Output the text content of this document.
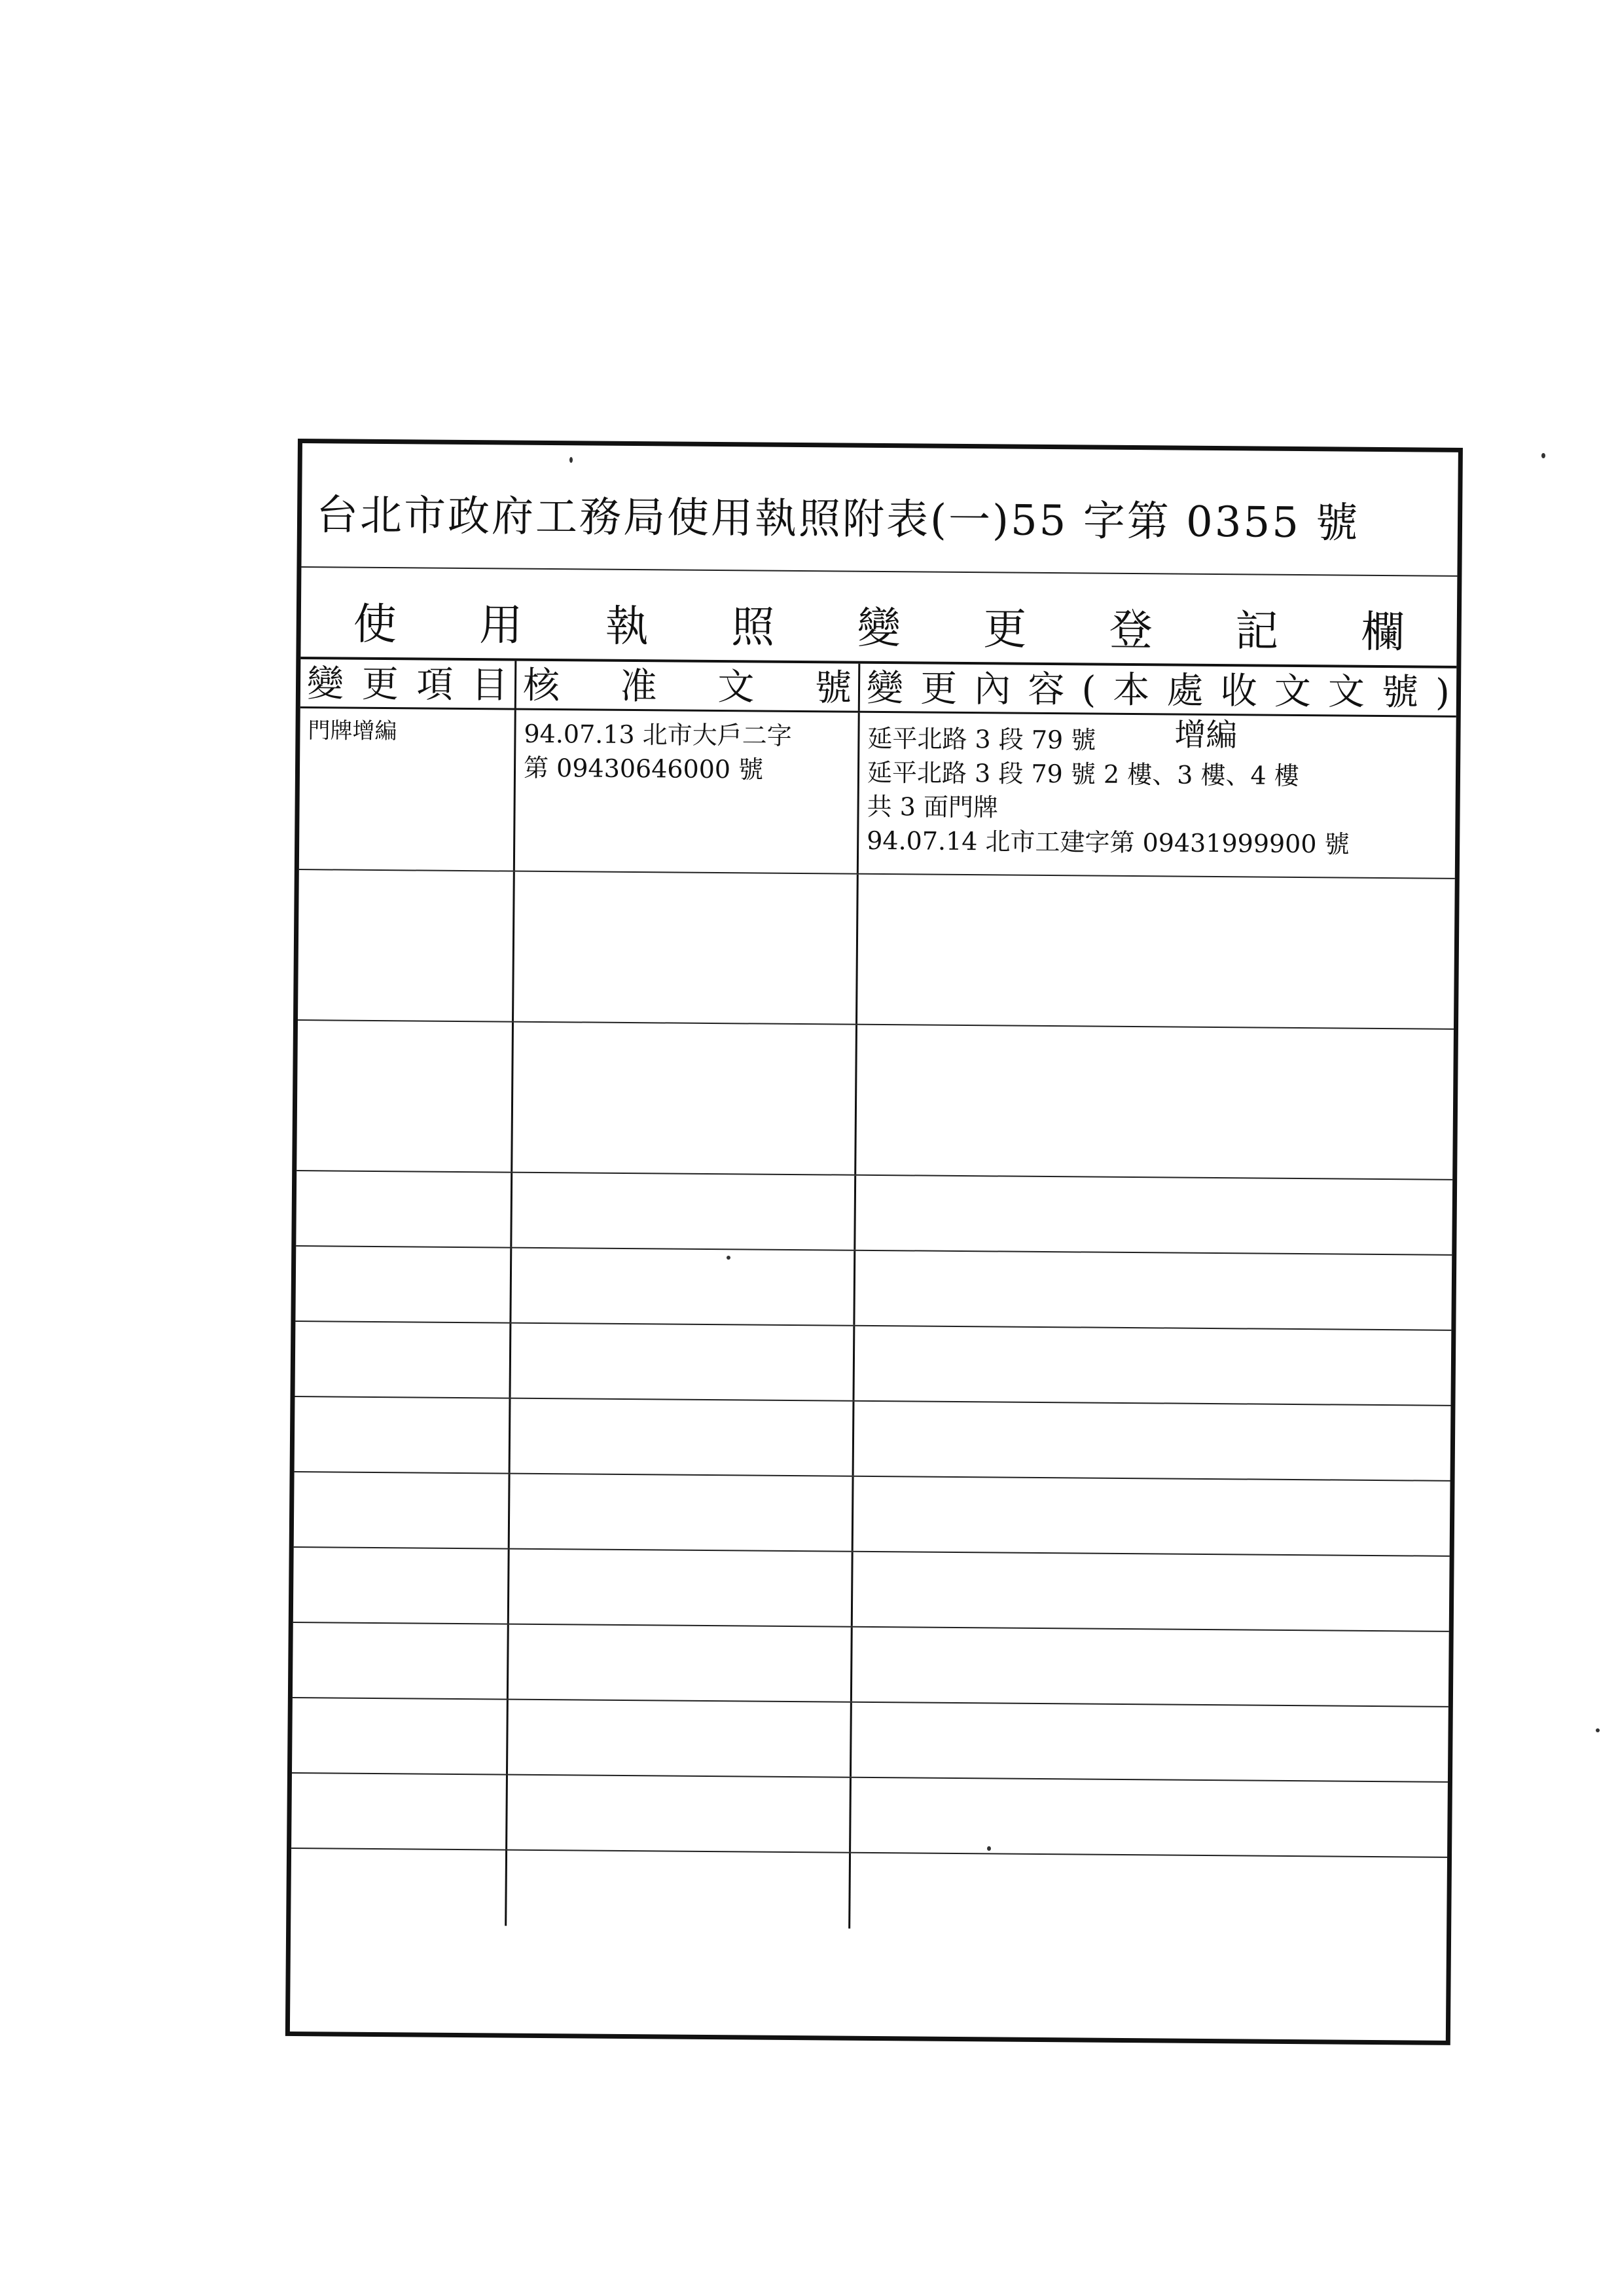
台北市政府工務局使用執照附表(一)55 字第 0355 號
使 用 執 照 變 更 登 記 欄
變 更 項 目 核 准 文 號 變 更 內 容 ( 本 處 收 文 文 號 )
門牌增編	94.07.13 北市大戶二字
第 09430646000 號
延平北路 3 段 79 號 增編
延平北路 3 段 79 號 2 樓、3 樓、4 樓
共 3 面門牌
94.07.14 北市工建字第 09431999900 號
